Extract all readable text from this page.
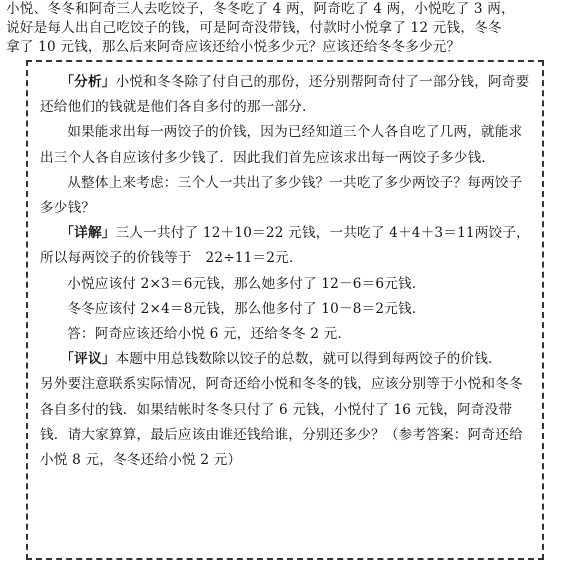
小悦、冬冬和阿奇三人去吃饺子，冬冬吃了 4 两，阿奇吃了 4 两，小悦吃了 3 两，

说好是每人出自己吃饺子的钱，可是阿奇没带钱，付款时小悦拿了 12 元钱，冬冬

拿了 10 元钱，那么后来阿奇应该还给小悦多少元？应该还给冬冬多少元？

「分析」小悦和冬冬除了付自己的那份，还分别帮阿奇付了一部分钱，阿奇要还给他们的钱就是他们各自多付的那一部分．

如果能求出每一两饺子的价钱，因为已经知道三个人各自吃了几两，就能求出三个人各自应该付多少钱了．因此我们首先应该求出每一两饺子多少钱．

从整体上来考虑：三个人一共出了多少钱？一共吃了多少两饺子？每两饺子多少钱？

「详解」三人一共付了 12＋10＝22 元钱，一共吃了 4＋4＋3＝11两饺子，所以每两饺子的价钱等于　22÷11＝2元．

小悦应该付 2×3＝6元钱，那么她多付了 12－6＝6元钱．

冬冬应该付 2×4＝8元钱，那么他多付了 10－8＝2元钱．

答：阿奇应该还给小悦 6 元，还给冬冬 2 元．

「评议」本题中用总钱数除以饺子的总数，就可以得到每两饺子的价钱．

另外要注意联系实际情况，阿奇还给小悦和冬冬的钱，应该分别等于小悦和冬冬各自多付的钱．如果结帐时冬冬只付了 6 元钱，小悦付了 16 元钱，阿奇没带钱．请大家算算，最后应该由谁还钱给谁，分别还多少？（参考答案：阿奇还给小悦 8 元，冬冬还给小悦 2 元）
